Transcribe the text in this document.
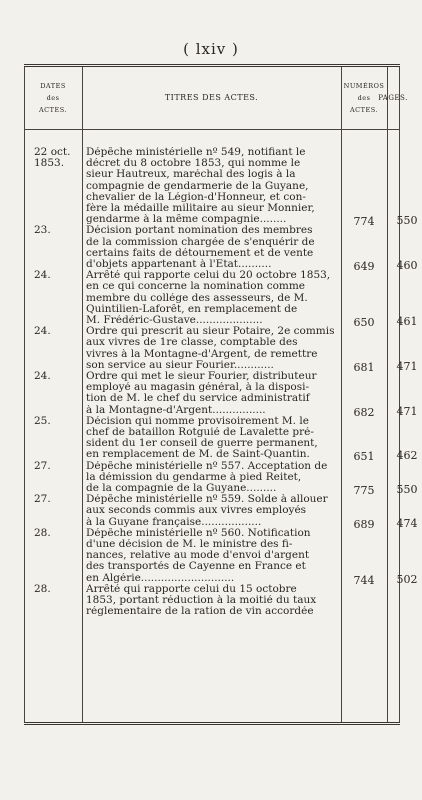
( lxiv )
DATES
des
ACTES.
TITRES DES ACTES.
NUMÉROS
des
ACTES.
PAGES.
22 oct.
1853.
Dépêche ministérielle nº 549, notifiant le
décret du 8 octobre 1853, qui nomme le
sieur Hautreux, maréchal des logis à la
compagnie de gendarmerie de la Guyane,
chevalier de la Légion-d'Honneur, et con-
fère la médaille militaire au sieur Monnier,
gendarme à la même compagnie........	774	550
23.	Décision portant nomination des membres
de la commission chargée de s'enquérir de
certains faits de détournement et de vente
d'objets appartenant à l'État..........	649	460
24.	Arrêté qui rapporte celui du 20 octobre 1853,
en ce qui concerne la nomination comme
membre du collége des assesseurs, de M.
Quintilien-Laforêt, en remplacement de
M. Frédéric-Gustave....................	650	461
24.	Ordre qui prescrit au sieur Potaire, 2e commis
aux vivres de 1re classe, comptable des
vivres à la Montagne-d'Argent, de remettre
son service au sieur Fourier............	681	471
24.	Ordre qui met le sieur Fourier, distributeur
employé au magasin général, à la disposi-
tion de M. le chef du service administratif
à la Montagne-d'Argent................	682	471
25.	Décision qui nomme provisoirement M. le
chef de bataillon Rotguié de Lavalette pré-
sident du 1er conseil de guerre permanent,
en remplacement de M. de Saint-Quantin.	651	462
27.	Dépêche ministérielle nº 557. Acceptation de
la démission du gendarme à pied Reitet,
de la compagnie de la Guyane.........	775	550
27.	Dépêche ministérielle nº 559. Solde à allouer
aux seconds commis aux vivres employés
à la Guyane française..................	689	474
28.	Dépêche ministérielle nº 560. Notification
d'une décision de M. le ministre des fi-
nances, relative au mode d'envoi d'argent
des transportés de Cayenne en France et
en Algérie............................	744	502
28.	Arrêté qui rapporte celui du 15 octobre
1853, portant réduction à la moitié du taux
réglementaire de la ration de vin accordée
